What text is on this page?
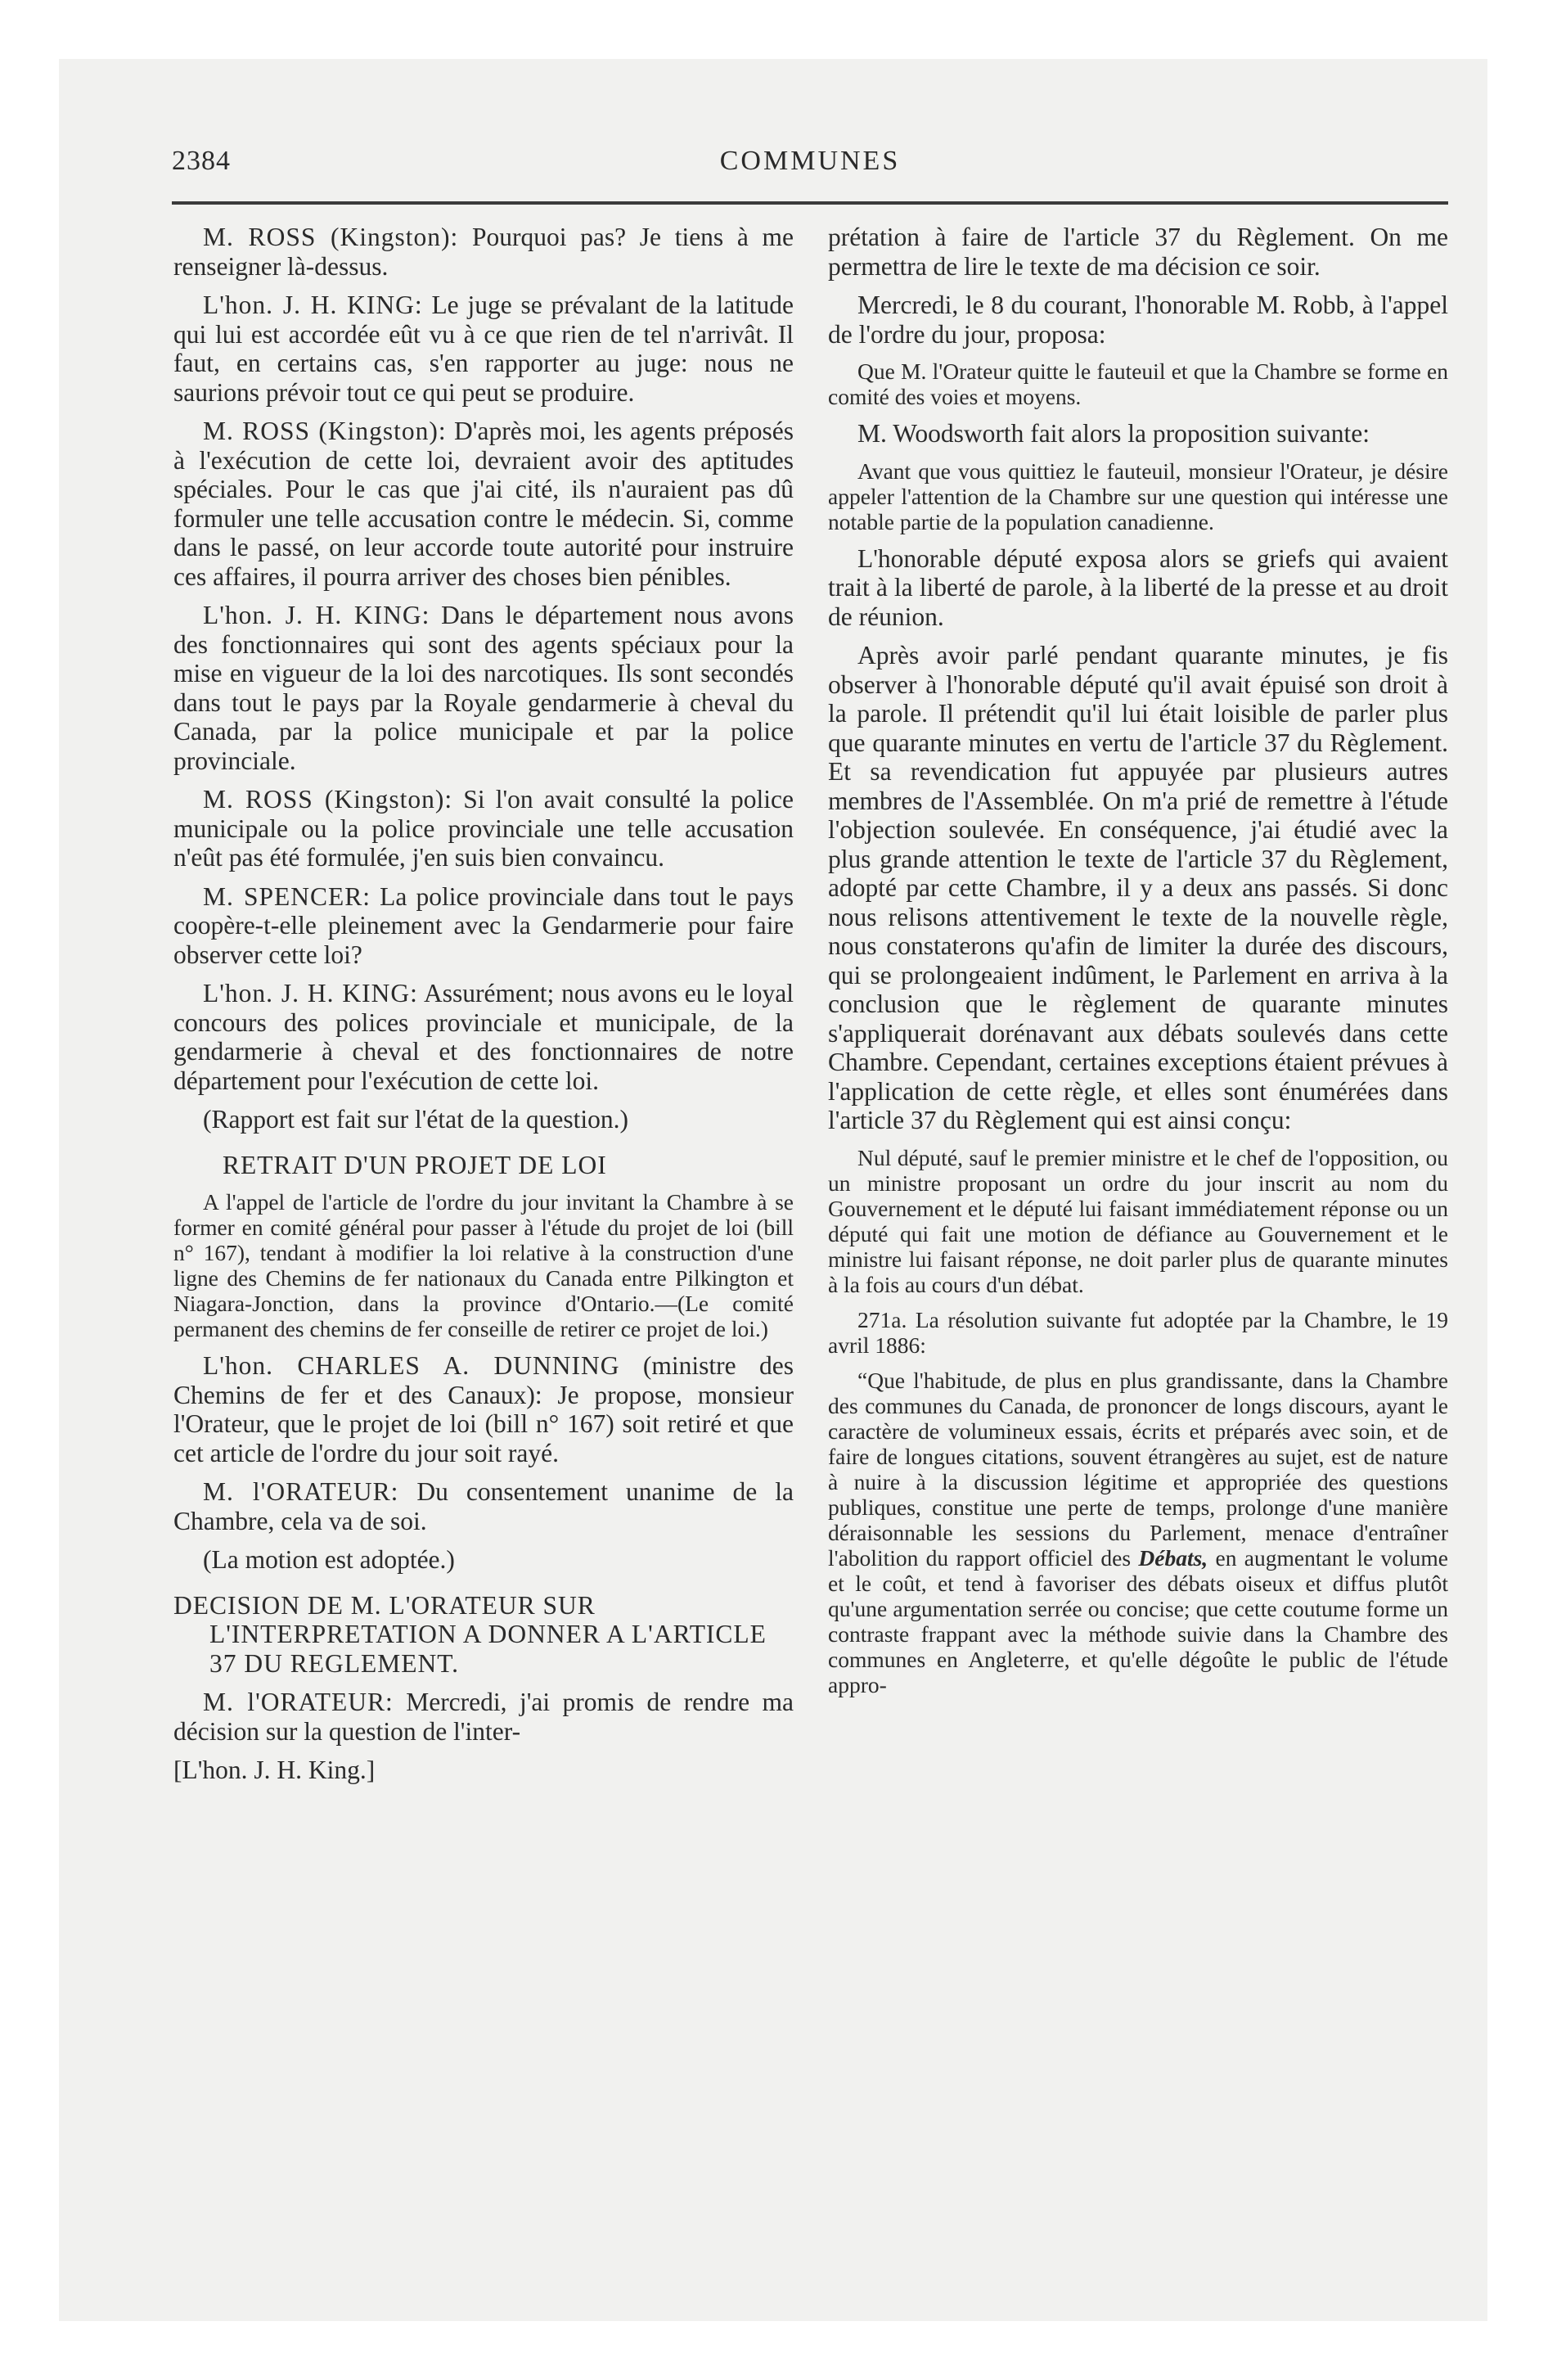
2384	COMMUNES

M. ROSS (Kingston): Pourquoi pas? Je tiens à me renseigner là-dessus.

L'hon. J. H. KING: Le juge se prévalant de la latitude qui lui est accordée eût vu à ce que rien de tel n'arrivât. Il faut, en certains cas, s'en rapporter au juge: nous ne saurions prévoir tout ce qui peut se produire.

M. ROSS (Kingston): D'après moi, les agents préposés à l'exécution de cette loi, devraient avoir des aptitudes spéciales. Pour le cas que j'ai cité, ils n'auraient pas dû formuler une telle accusation contre le médecin. Si, comme dans le passé, on leur accorde toute autorité pour instruire ces affaires, il pourra arriver des choses bien pénibles.

L'hon. J. H. KING: Dans le département nous avons des fonctionnaires qui sont des agents spéciaux pour la mise en vigueur de la loi des narcotiques. Ils sont secondés dans tout le pays par la Royale gendarmerie à cheval du Canada, par la police municipale et par la police provinciale.

M. ROSS (Kingston): Si l'on avait consulté la police municipale ou la police provinciale une telle accusation n'eût pas été formulée, j'en suis bien convaincu.

M. SPENCER: La police provinciale dans tout le pays coopère-t-elle pleinement avec la Gendarmerie pour faire observer cette loi?

L'hon. J. H. KING: Assurément; nous avons eu le loyal concours des polices provinciale et municipale, de la gendarmerie à cheval et des fonctionnaires de notre département pour l'exécution de cette loi.

(Rapport est fait sur l'état de la question.)

RETRAIT D'UN PROJET DE LOI

A l'appel de l'article de l'ordre du jour invitant la Chambre à se former en comité général pour passer à l'étude du projet de loi (bill n° 167), tendant à modifier la loi relative à la construction d'une ligne des Chemins de fer nationaux du Canada entre Pilkington et Niagara-Jonction, dans la province d'Ontario.—(Le comité permanent des chemins de fer conseille de retirer ce projet de loi.)

L'hon. CHARLES A. DUNNING (ministre des Chemins de fer et des Canaux): Je propose, monsieur l'Orateur, que le projet de loi (bill n° 167) soit retiré et que cet article de l'ordre du jour soit rayé.

M. l'ORATEUR: Du consentement unanime de la Chambre, cela va de soi.

(La motion est adoptée.)

DECISION DE M. L'ORATEUR SUR L'INTERPRETATION A DONNER A L'ARTICLE 37 DU REGLEMENT.

M. l'ORATEUR: Mercredi, j'ai promis de rendre ma décision sur la question de l'inter-

[L'hon. J. H. King.]

prétation à faire de l'article 37 du Règlement. On me permettra de lire le texte de ma décision ce soir.

Mercredi, le 8 du courant, l'honorable M. Robb, à l'appel de l'ordre du jour, proposa:

Que M. l'Orateur quitte le fauteuil et que la Chambre se forme en comité des voies et moyens.

M. Woodsworth fait alors la proposition suivante:

Avant que vous quittiez le fauteuil, monsieur l'Orateur, je désire appeler l'attention de la Chambre sur une question qui intéresse une notable partie de la population canadienne.

L'honorable député exposa alors se griefs qui avaient trait à la liberté de parole, à la liberté de la presse et au droit de réunion.

Après avoir parlé pendant quarante minutes, je fis observer à l'honorable député qu'il avait épuisé son droit à la parole. Il prétendit qu'il lui était loisible de parler plus que quarante minutes en vertu de l'article 37 du Règlement. Et sa revendication fut appuyée par plusieurs autres membres de l'Assemblée. On m'a prié de remettre à l'étude l'objection soulevée. En conséquence, j'ai étudié avec la plus grande attention le texte de l'article 37 du Règlement, adopté par cette Chambre, il y a deux ans passés. Si donc nous relisons attentivement le texte de la nouvelle règle, nous constaterons qu'afin de limiter la durée des discours, qui se prolongeaient indûment, le Parlement en arriva à la conclusion que le règlement de quarante minutes s'appliquerait dorénavant aux débats soulevés dans cette Chambre. Cependant, certaines exceptions étaient prévues à l'application de cette règle, et elles sont énumérées dans l'article 37 du Règlement qui est ainsi conçu:

Nul député, sauf le premier ministre et le chef de l'opposition, ou un ministre proposant un ordre du jour inscrit au nom du Gouvernement et le député lui faisant immédiatement réponse ou un député qui fait une motion de défiance au Gouvernement et le ministre lui faisant réponse, ne doit parler plus de quarante minutes à la fois au cours d'un débat.

271a. La résolution suivante fut adoptée par la Chambre, le 19 avril 1886:

“Que l'habitude, de plus en plus grandissante, dans la Chambre des communes du Canada, de prononcer de longs discours, ayant le caractère de volumineux essais, écrits et préparés avec soin, et de faire de longues citations, souvent étrangères au sujet, est de nature à nuire à la discussion légitime et appropriée des questions publiques, constitue une perte de temps, prolonge d'une manière déraisonnable les sessions du Parlement, menace d'entraîner l'abolition du rapport officiel des Débats, en augmentant le volume et le coût, et tend à favoriser des débats oiseux et diffus plutôt qu'une argumentation serrée ou concise; que cette coutume forme un contraste frappant avec la méthode suivie dans la Chambre des communes en Angleterre, et qu'elle dégoûte le public de l'étude appro-
